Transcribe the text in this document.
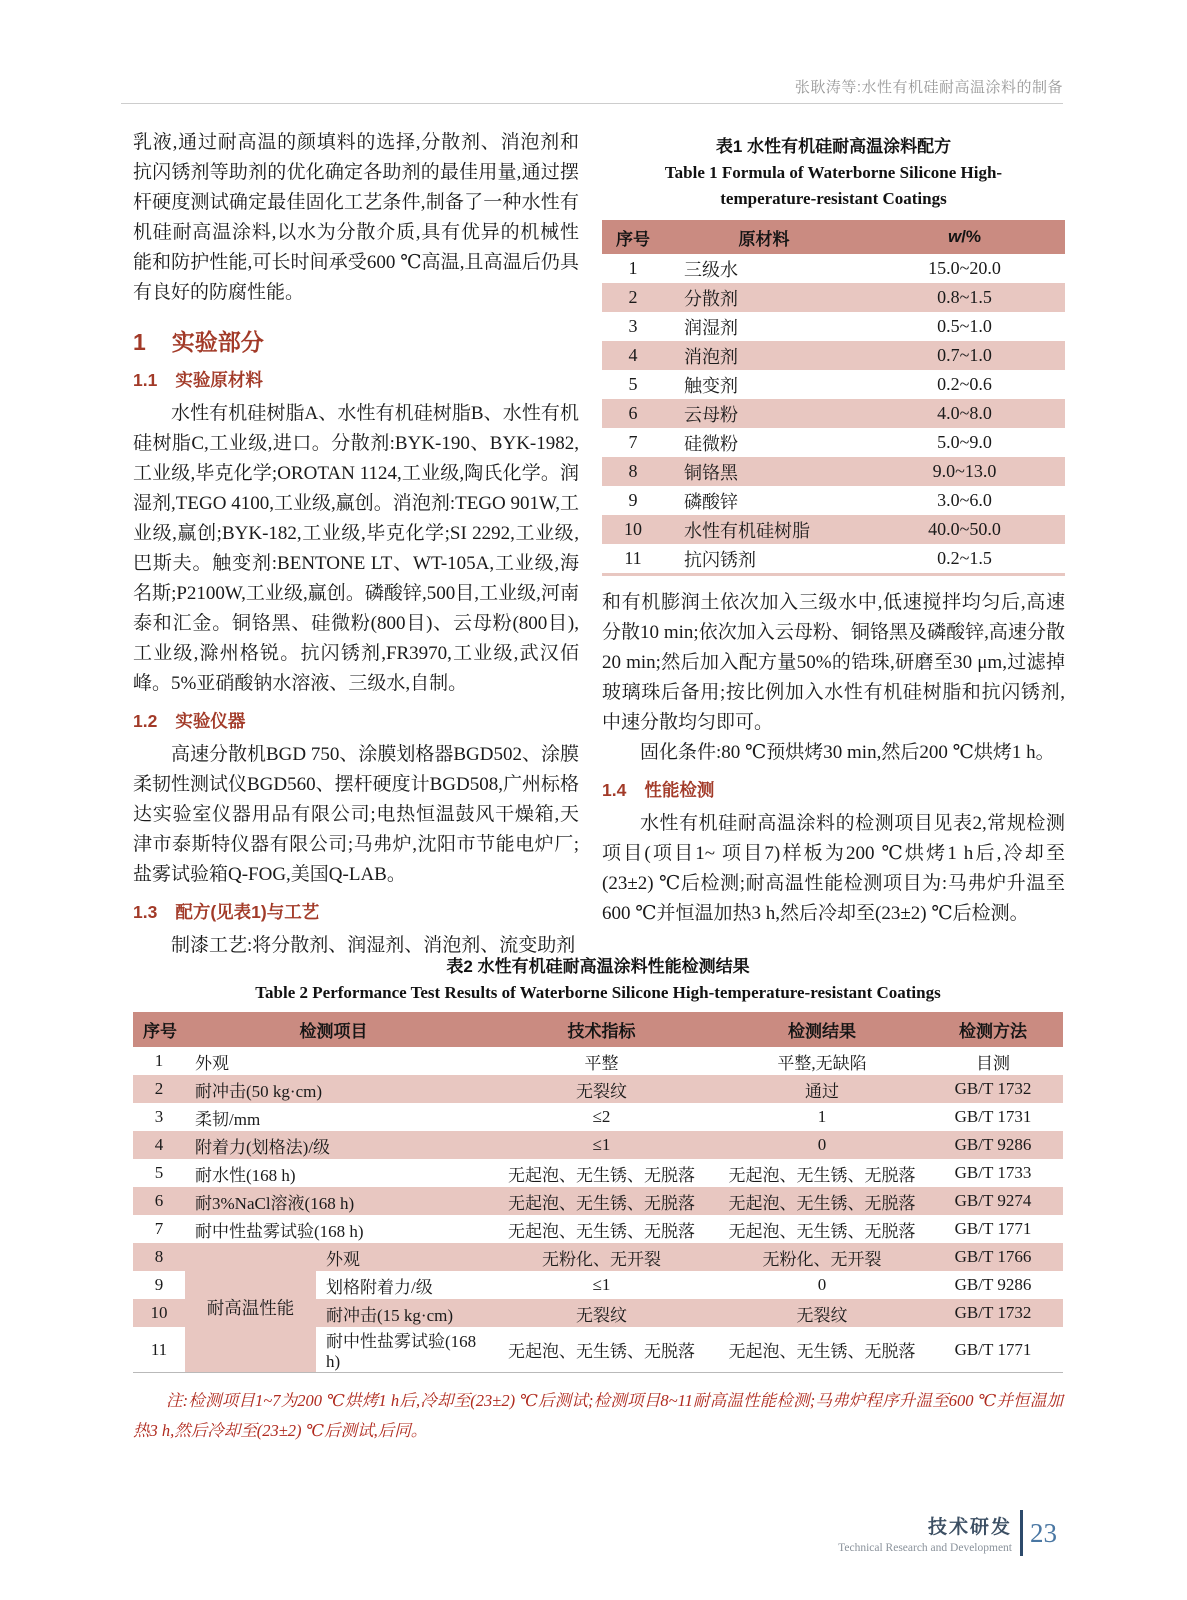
张耿涛等:水性有机硅耐高温涂料的制备

乳液,通过耐高温的颜填料的选择,分散剂、消泡剂和抗闪锈剂等助剂的优化确定各助剂的最佳用量,通过摆杆硬度测试确定最佳固化工艺条件,制备了一种水性有机硅耐高温涂料,以水为分散介质,具有优异的机械性能和防护性能,可长时间承受600 ℃高温,且高温后仍具有良好的防腐性能。

1 实验部分
1.1 实验原材料

水性有机硅树脂A、水性有机硅树脂B、水性有机硅树脂C,工业级,进口。分散剂:BYK-190、BYK-1982,工业级,毕克化学;OROTAN 1124,工业级,陶氏化学。润湿剂,TEGO 4100,工业级,赢创。消泡剂:TEGO 901W,工业级,赢创;BYK-182,工业级,毕克化学;SI 2292,工业级,巴斯夫。触变剂:BENTONE LT、WT-105A,工业级,海名斯;P2100W,工业级,赢创。磷酸锌,500目,工业级,河南泰和汇金。铜铬黑、硅微粉(800目)、云母粉(800目),工业级,滁州格锐。抗闪锈剂,FR3970,工业级,武汉佰峰。5%亚硝酸钠水溶液、三级水,自制。

1.2 实验仪器

高速分散机BGD 750、涂膜划格器BGD502、涂膜柔韧性测试仪BGD560、摆杆硬度计BGD508,广州标格达实验室仪器用品有限公司;电热恒温鼓风干燥箱,天津市泰斯特仪器有限公司;马弗炉,沈阳市节能电炉厂;盐雾试验箱Q-FOG,美国Q-LAB。

1.3 配方(见表1)与工艺

制漆工艺:将分散剂、润湿剂、消泡剂、流变助剂

表1 水性有机硅耐高温涂料配方
Table 1 Formula of Waterborne Silicone High-
temperature-resistant Coatings
序号	原材料	w/%
1	三级水	15.0~20.0
2	分散剂	0.8~1.5
3	润湿剂	0.5~1.0
4	消泡剂	0.7~1.0
5	触变剂	0.2~0.6
6	云母粉	4.0~8.0
7	硅微粉	5.0~9.0
8	铜铬黑	9.0~13.0
9	磷酸锌	3.0~6.0
10	水性有机硅树脂	40.0~50.0
11	抗闪锈剂	0.2~1.5

和有机膨润土依次加入三级水中,低速搅拌均匀后,高速分散10 min;依次加入云母粉、铜铬黑及磷酸锌,高速分散20 min;然后加入配方量50%的锆珠,研磨至30 μm,过滤掉玻璃珠后备用;按比例加入水性有机硅树脂和抗闪锈剂,中速分散均匀即可。

固化条件:80 ℃预烘烤30 min,然后200 ℃烘烤1 h。

1.4 性能检测

水性有机硅耐高温涂料的检测项目见表2,常规检测项目(项目1~ 项目7)样板为200 ℃烘烤1 h后,冷却至(23±2) ℃后检测;耐高温性能检测项目为:马弗炉升温至600 ℃并恒温加热3 h,然后冷却至(23±2) ℃后检测。

表2 水性有机硅耐高温涂料性能检测结果
Table 2 Performance Test Results of Waterborne Silicone High-temperature-resistant Coatings
序号	检测项目		技术指标	检测结果	检测方法
1	外观		平整	平整,无缺陷	目测
2	耐冲击(50 kg·cm)		无裂纹	通过	GB/T 1732
3	柔韧/mm		≤2	1	GB/T 1731
4	附着力(划格法)/级		≤1	0	GB/T 9286
5	耐水性(168 h)		无起泡、无生锈、无脱落	无起泡、无生锈、无脱落	GB/T 1733
6	耐3%NaCl溶液(168 h)		无起泡、无生锈、无脱落	无起泡、无生锈、无脱落	GB/T 9274
7	耐中性盐雾试验(168 h)		无起泡、无生锈、无脱落	无起泡、无生锈、无脱落	GB/T 1771
8	耐高温性能	外观	无粉化、无开裂	无粉化、无开裂	GB/T 1766
9		划格附着力/级	≤1	0	GB/T 9286
10		耐冲击(15 kg·cm)	无裂纹	无裂纹	GB/T 1732
11		耐中性盐雾试验(168 h)	无起泡、无生锈、无脱落	无起泡、无生锈、无脱落	GB/T 1771

注:检测项目1~7为200 ℃烘烤1 h后,冷却至(23±2) ℃后测试;检测项目8~11耐高温性能检测;马弗炉程序升温至600 ℃并恒温加热3 h,然后冷却至(23±2) ℃后测试,后同。

技术研发
Technical Research and Development
23
